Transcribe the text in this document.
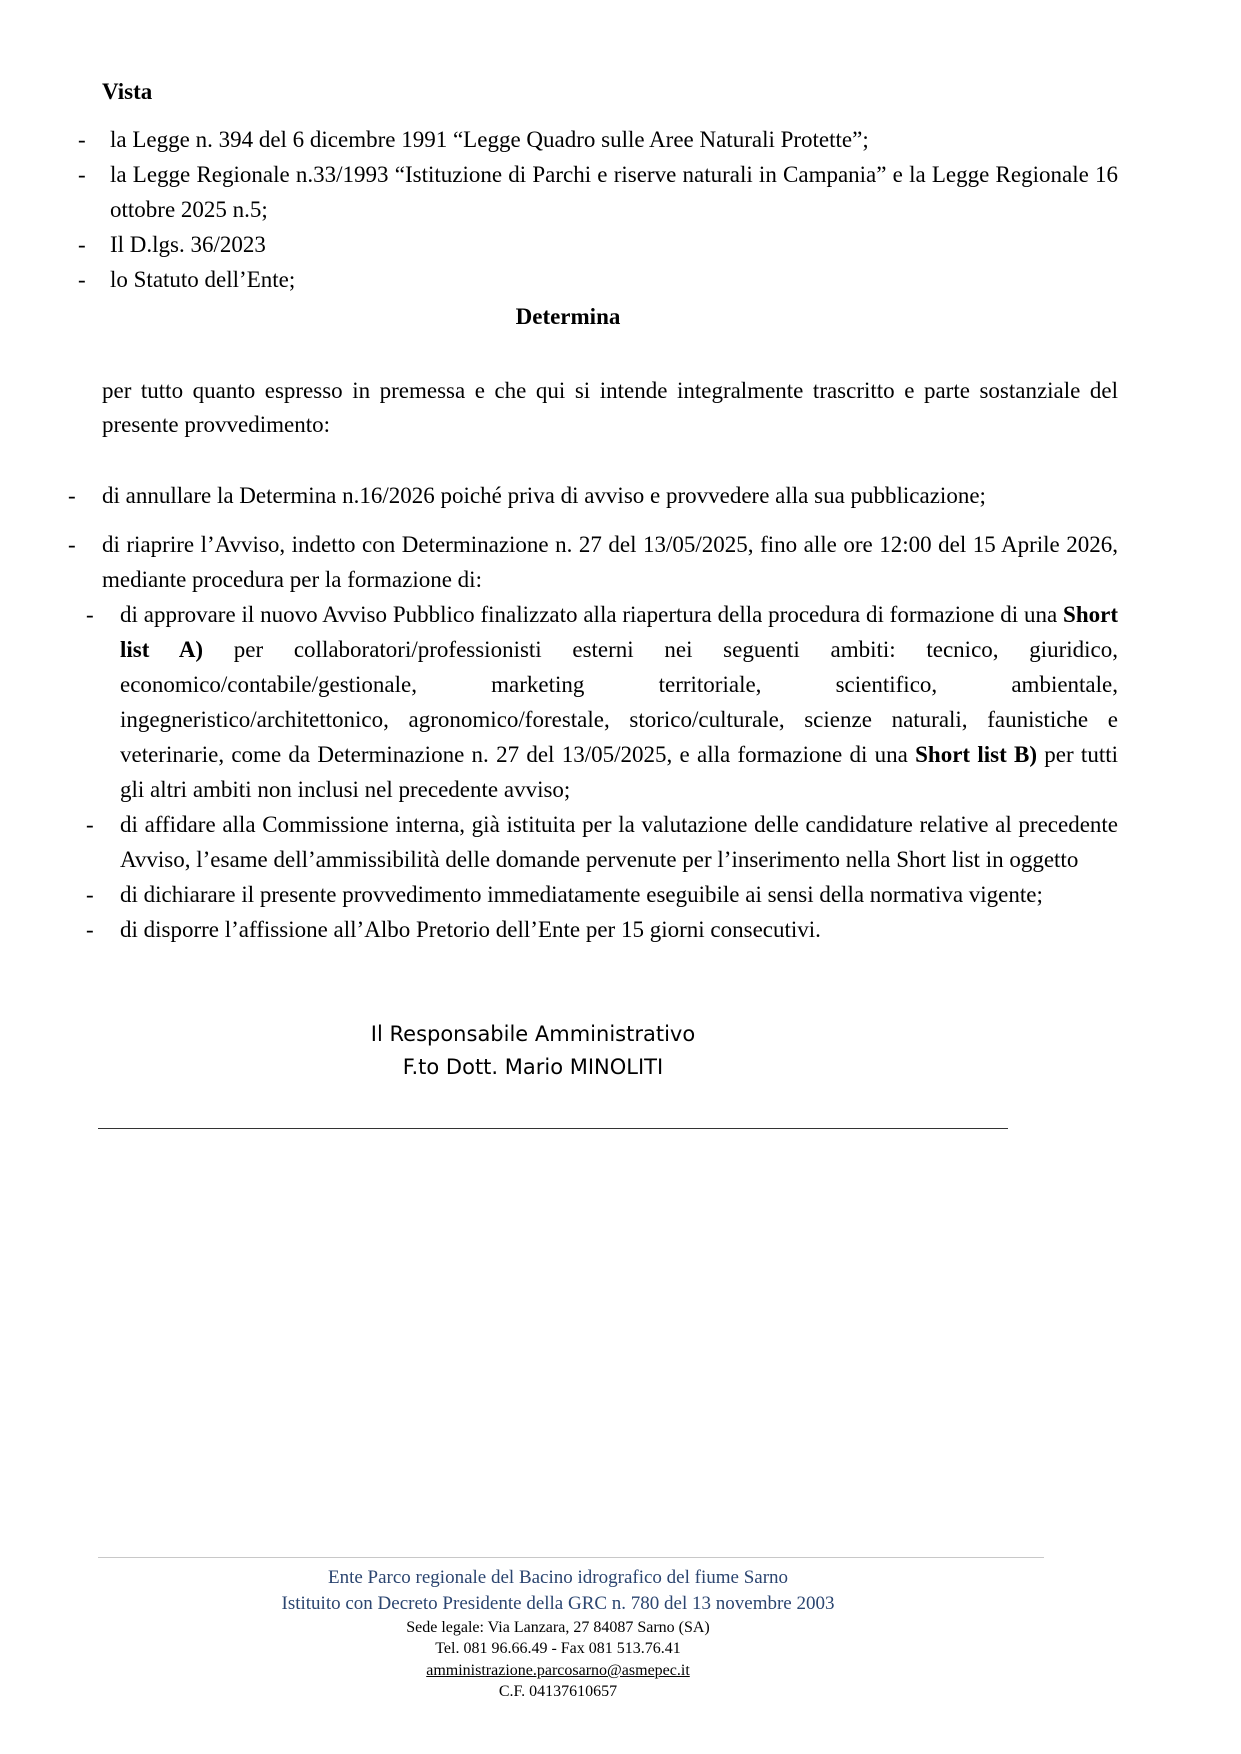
Vista
- la Legge n. 394 del 6 dicembre 1991 “Legge Quadro sulle Aree Naturali Protette”;
- la Legge Regionale n.33/1993 “Istituzione di Parchi e riserve naturali in Campania” e la Legge Regionale 16 ottobre 2025 n.5;
- Il D.lgs. 36/2023
- lo Statuto dell’Ente;
Determina
per tutto quanto espresso in premessa e che qui si intende integralmente trascritto e parte sostanziale del presente provvedimento:
- di annullare la Determina n.16/2026 poiché priva di avviso e provvedere alla sua pubblicazione;
- di riaprire l’Avviso, indetto con Determinazione n. 27 del 13/05/2025, fino alle ore 12:00 del 15 Aprile 2026, mediante procedura per la formazione di:
- di approvare il nuovo Avviso Pubblico finalizzato alla riapertura della procedura di formazione di una Short list A) per collaboratori/professionisti esterni nei seguenti ambiti: tecnico, giuridico, economico/contabile/gestionale, marketing territoriale, scientifico, ambientale, ingegneristico/architettonico, agronomico/forestale, storico/culturale, scienze naturali, faunistiche e veterinarie, come da Determinazione n. 27 del 13/05/2025, e alla formazione di una Short list B) per tutti gli altri ambiti non inclusi nel precedente avviso;
- di affidare alla Commissione interna, già istituita per la valutazione delle candidature relative al precedente Avviso, l’esame dell’ammissibilità delle domande pervenute per l’inserimento nella Short list in oggetto
- di dichiarare il presente provvedimento immediatamente eseguibile ai sensi della normativa vigente;
- di disporre l’affissione all’Albo Pretorio dell’Ente per 15 giorni consecutivi.
Il Responsabile Amministrativo
F.to Dott. Mario MINOLITI
Ente Parco regionale del Bacino idrografico del fiume Sarno
Istituito con Decreto Presidente della GRC n. 780 del 13 novembre 2003
Sede legale: Via Lanzara, 27 84087 Sarno (SA)
Tel. 081 96.66.49 - Fax 081 513.76.41
amministrazione.parcosarno@asmepec.it
C.F. 04137610657
